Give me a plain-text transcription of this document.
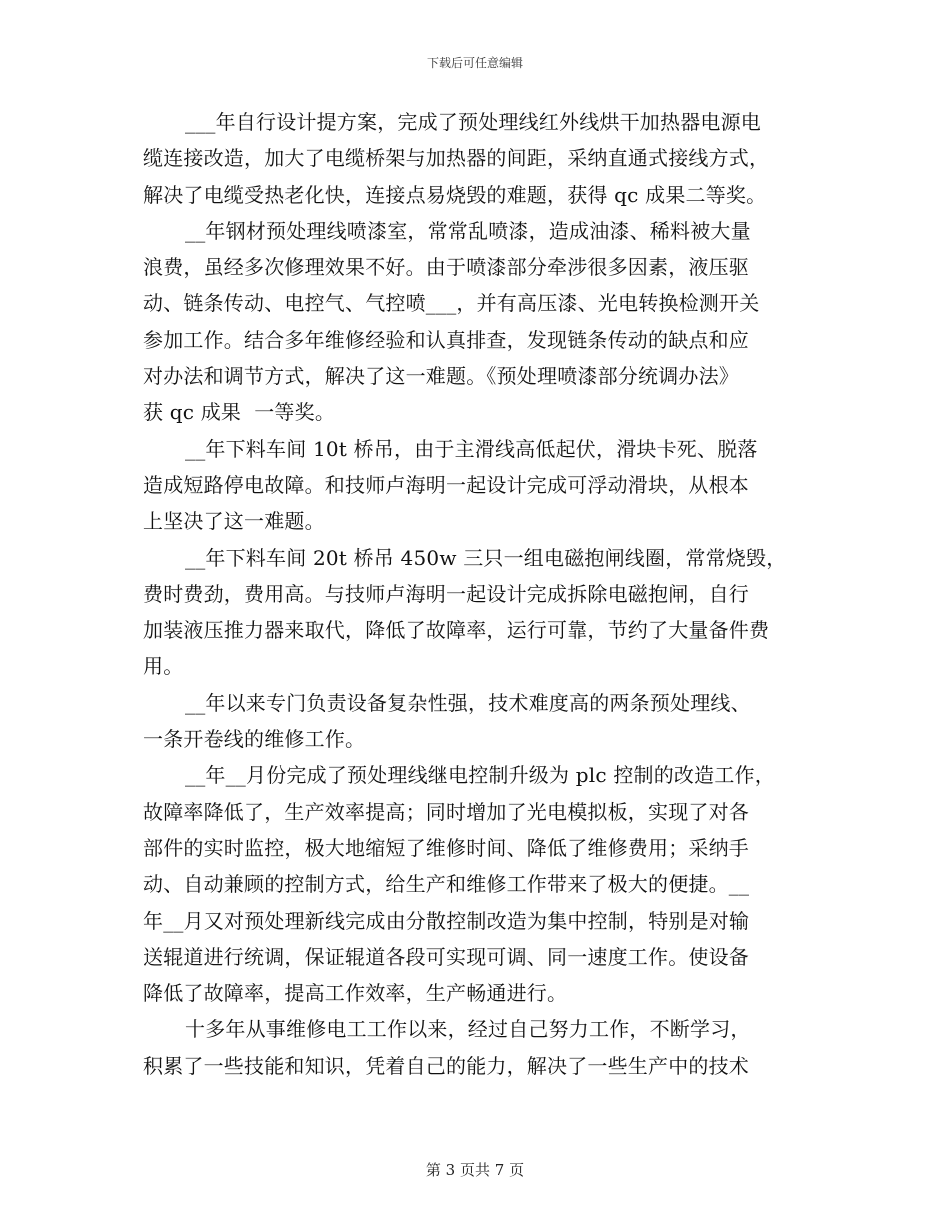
下载后可任意编辑
___年自行设计提方案，完成了预处理线红外线烘干加热器电源电
缆连接改造，加大了电缆桥架与加热器的间距，采纳直通式接线方式，
解决了电缆受热老化快，连接点易烧毁的难题，获得 qc 成果二等奖。
__年钢材预处理线喷漆室，常常乱喷漆，造成油漆、稀料被大量
浪费，虽经多次修理效果不好。由于喷漆部分牵涉很多因素，液压驱
动、链条传动、电控气、气控喷___，并有高压漆、光电转换检测开关
参加工作。结合多年维修经验和认真排查，发现链条传动的缺点和应
对办法和调节方式，解决了这一难题。《预处理喷漆部分统调办法》
获 qc 成果  一等奖。
__年下料车间 10t 桥吊，由于主滑线高低起伏，滑块卡死、脱落
造成短路停电故障。和技师卢海明一起设计完成可浮动滑块，从根本
上坚决了这一难题。
__年下料车间 20t 桥吊 450w 三只一组电磁抱闸线圈，常常烧毁，
费时费劲，费用高。与技师卢海明一起设计完成拆除电磁抱闸，自行
加装液压推力器来取代，降低了故障率，运行可靠，节约了大量备件费
用。
__年以来专门负责设备复杂性强，技术难度高的两条预处理线、
一条开卷线的维修工作。
__年__月份完成了预处理线继电控制升级为 plc 控制的改造工作，
故障率降低了，生产效率提高；同时增加了光电模拟板，实现了对各
部件的实时监控，极大地缩短了维修时间、降低了维修费用；采纳手
动、自动兼顾的控制方式，给生产和维修工作带来了极大的便捷。__
年__月又对预处理新线完成由分散控制改造为集中控制，特别是对输
送辊道进行统调，保证辊道各段可实现可调、同一速度工作。使设备
降低了故障率，提高工作效率，生产畅通进行。
十多年从事维修电工工作以来，经过自己努力工作，不断学习，
积累了一些技能和知识，凭着自己的能力，解决了一些生产中的技术
第 3 页共 7 页
